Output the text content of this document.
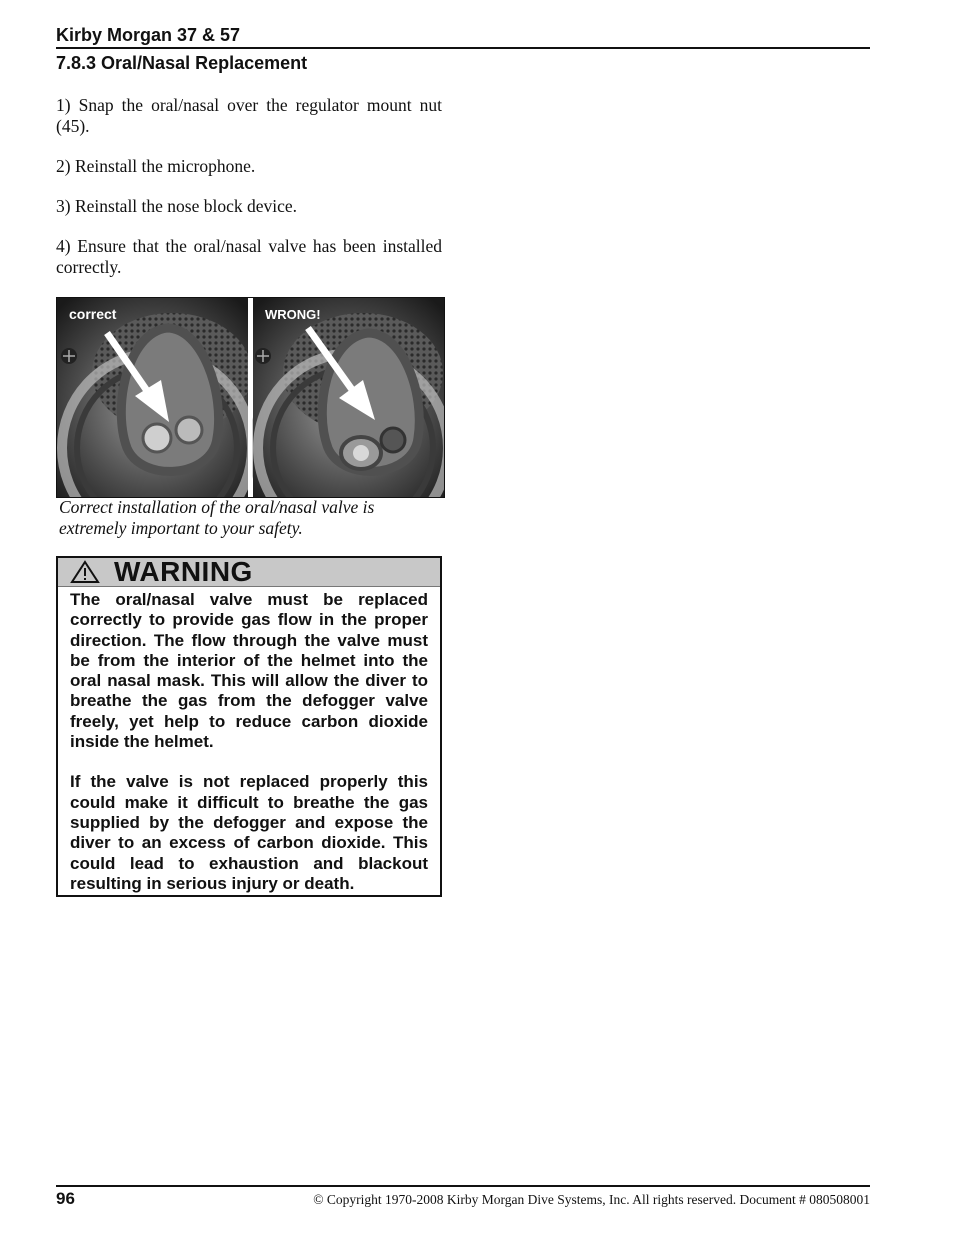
Kirby Morgan 37 & 57
7.8.3 Oral/Nasal Replacement

1) Snap the oral/nasal over the regulator mount nut (45).

2) Reinstall the microphone.

3) Reinstall the nose block device.

4) Ensure that the oral/nasal valve has been installed correctly.

correct	WRONG!
Correct installation of the oral/nasal valve is extremely important to your safety.
WARNING

The oral/nasal valve must be replaced correctly to provide gas flow in the proper direction. The flow through the valve must be from the interior of the helmet into the oral nasal mask. This will allow the diver to breathe the gas from the defogger valve freely, yet help to reduce carbon dioxide inside the helmet.

If the valve is not replaced properly this could make it difficult to breathe the gas supplied by the defogger and expose the diver to an excess of carbon dioxide. This could lead to exhaustion and blackout resulting in serious injury or death.

96	© Copyright 1970-2008 Kirby Morgan Dive Systems, Inc. All rights reserved. Document # 080508001
